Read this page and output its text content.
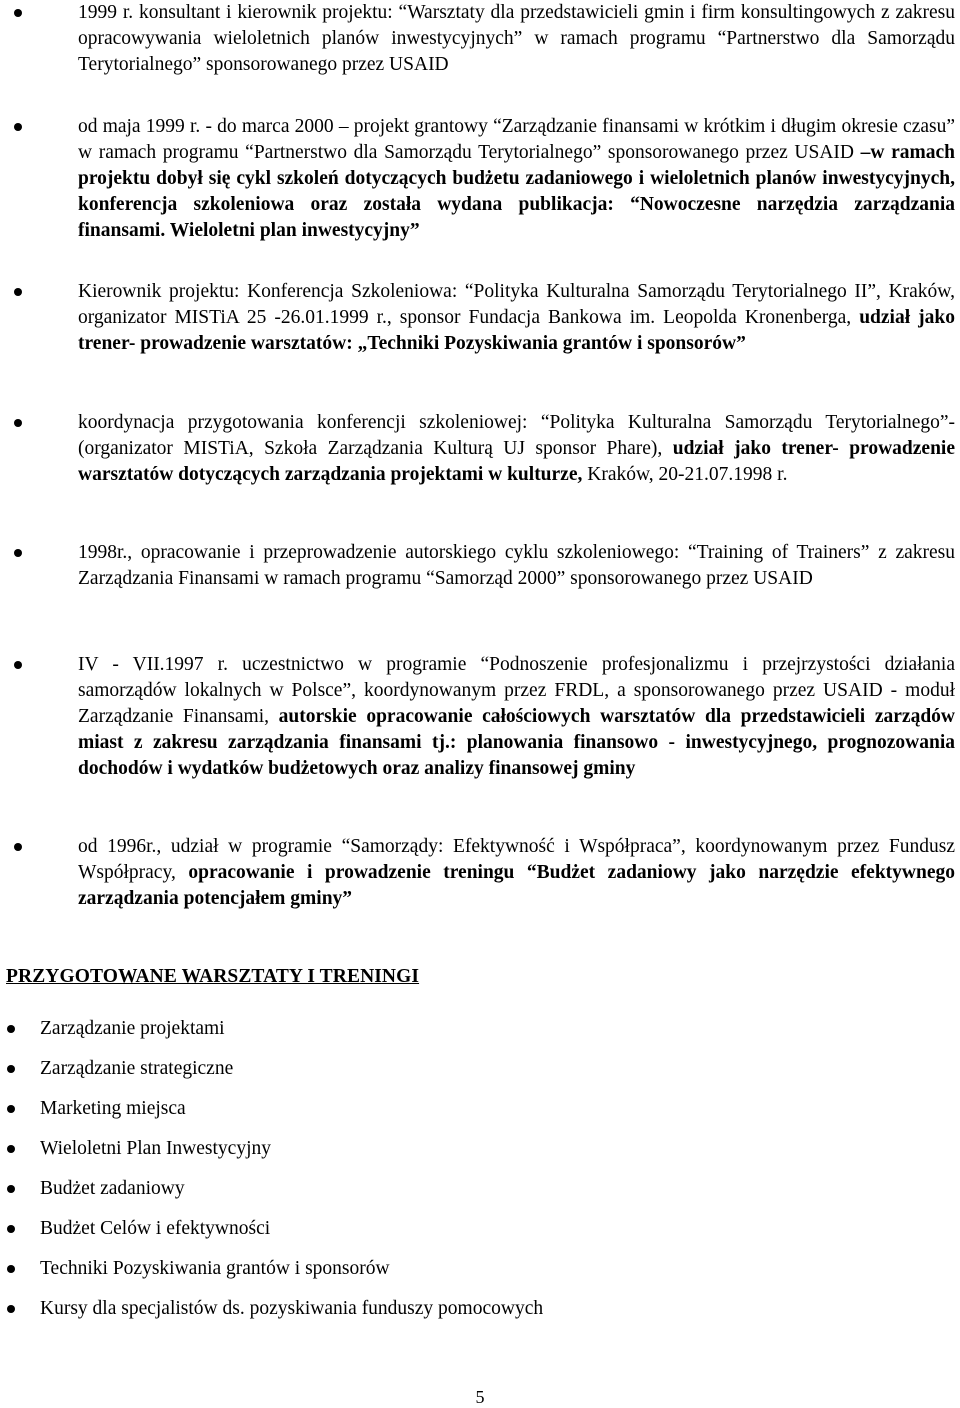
1999 r. konsultant i kierownik projektu: “Warsztaty dla przedstawicieli gmin i firm konsultingowych z zakresu opracowywania wieloletnich planów inwestycyjnych” w ramach programu “Partnerstwo dla Samorządu Terytorialnego” sponsorowanego przez USAID

od maja 1999 r. - do marca 2000 – projekt grantowy “Zarządzanie finansami w krótkim i długim okresie czasu” w ramach programu “Partnerstwo dla Samorządu Terytorialnego” sponsorowanego przez USAID –w ramach projektu dobył się cykl szkoleń dotyczących budżetu zadaniowego i wieloletnich planów inwestycyjnych, konferencja szkoleniowa oraz została wydana publikacja: “Nowoczesne narzędzia zarządzania finansami. Wieloletni plan inwestycyjny”

Kierownik projektu: Konferencja Szkoleniowa: “Polityka Kulturalna Samorządu Terytorialnego II”, Kraków, organizator MISTiA 25 -26.01.1999 r., sponsor Fundacja Bankowa im. Leopolda Kronenberga, udział jako trener- prowadzenie warsztatów: „Techniki Pozyskiwania grantów i sponsorów”

koordynacja przygotowania konferencji szkoleniowej: “Polityka Kulturalna Samorządu Terytorialnego”- (organizator MISTiA, Szkoła Zarządzania Kulturą UJ sponsor Phare), udział jako trener- prowadzenie warsztatów dotyczących zarządzania projektami w kulturze, Kraków, 20-21.07.1998 r.

1998r., opracowanie i przeprowadzenie autorskiego cyklu szkoleniowego: “Training of Trainers” z zakresu Zarządzania Finansami w ramach programu “Samorząd 2000” sponsorowanego przez USAID

IV - VII.1997 r. uczestnictwo w programie “Podnoszenie profesjonalizmu i przejrzystości działania samorządów lokalnych w Polsce”, koordynowanym przez FRDL, a sponsorowanego przez USAID - moduł Zarządzanie Finansami, autorskie opracowanie całościowych warsztatów dla przedstawicieli zarządów miast z zakresu zarządzania finansami tj.: planowania finansowo - inwestycyjnego, prognozowania dochodów i wydatków budżetowych oraz analizy finansowej gminy

od 1996r., udział w programie “Samorządy: Efektywność i Współpraca”, koordynowanym przez Fundusz Współpracy, opracowanie i prowadzenie treningu “Budżet zadaniowy jako narzędzie efektywnego zarządzania potencjałem gminy”

PRZYGOTOWANE WARSZTATY I TRENINGI
Zarządzanie projektami
Zarządzanie strategiczne
Marketing miejsca
Wieloletni Plan Inwestycyjny
Budżet zadaniowy
Budżet Celów i efektywności
Techniki Pozyskiwania grantów i sponsorów
Kursy dla specjalistów ds. pozyskiwania funduszy pomocowych
5
